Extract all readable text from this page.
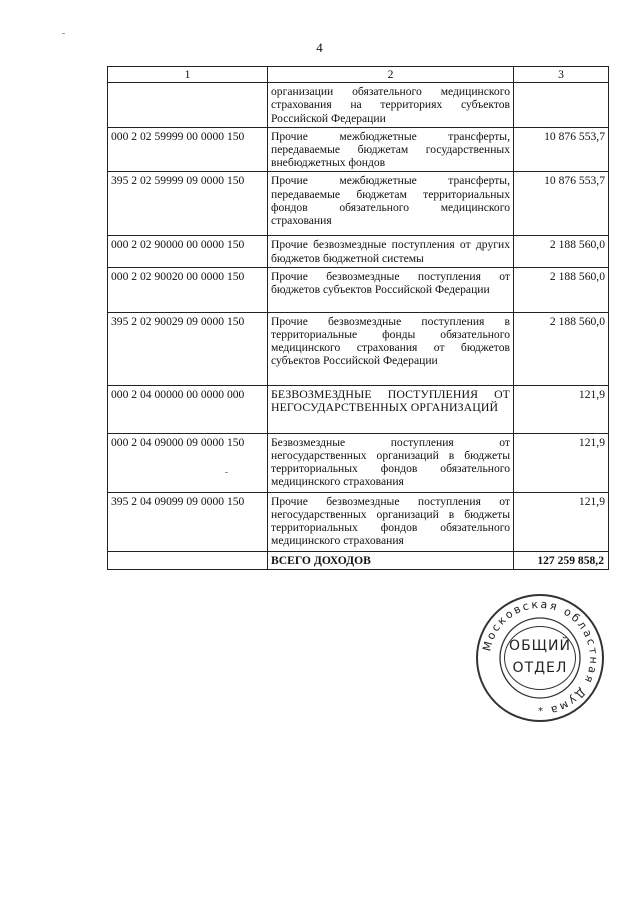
4
1	2	3
	организации обязательного медицинского страхования на территориях субъектов Российской Федерации	
000 2 02 59999 00 0000 150	Прочие межбюджетные трансферты, передаваемые бюджетам государственных внебюджетных фондов	10 876 553,7
395 2 02 59999 09 0000 150	Прочие межбюджетные трансферты, передаваемые бюджетам территориальных фондов обязательного медицинского страхования	10 876 553,7
000 2 02 90000 00 0000 150	Прочие безвозмездные поступления от других бюджетов бюджетной системы	2 188 560,0
000 2 02 90020 00 0000 150	Прочие безвозмездные поступления от бюджетов субъектов Российской Федерации	2 188 560,0
395 2 02 90029 09 0000 150	Прочие безвозмездные поступления в территориальные фонды обязательного медицинского страхования от бюджетов субъектов Российской Федерации	2 188 560,0
000 2 04 00000 00 0000 000	БЕЗВОЗМЕЗДНЫЕ ПОСТУПЛЕНИЯ ОТ НЕГОСУДАРСТВЕННЫХ ОРГАНИЗАЦИЙ	121,9
000 2 04 09000 09 0000 150	Безвозмездные поступления от негосударственных организаций в бюджеты территориальных фондов обязательного медицинского страхования	121,9
395 2 04 09099 09 0000 150	Прочие безвозмездные поступления от негосударственных организаций в бюджеты территориальных фондов обязательного медицинского страхования	121,9
	ВСЕГО ДОХОДОВ	127 259 858,2
Московская областная Дума
*
ОБЩИЙ
ОТДЕЛ
